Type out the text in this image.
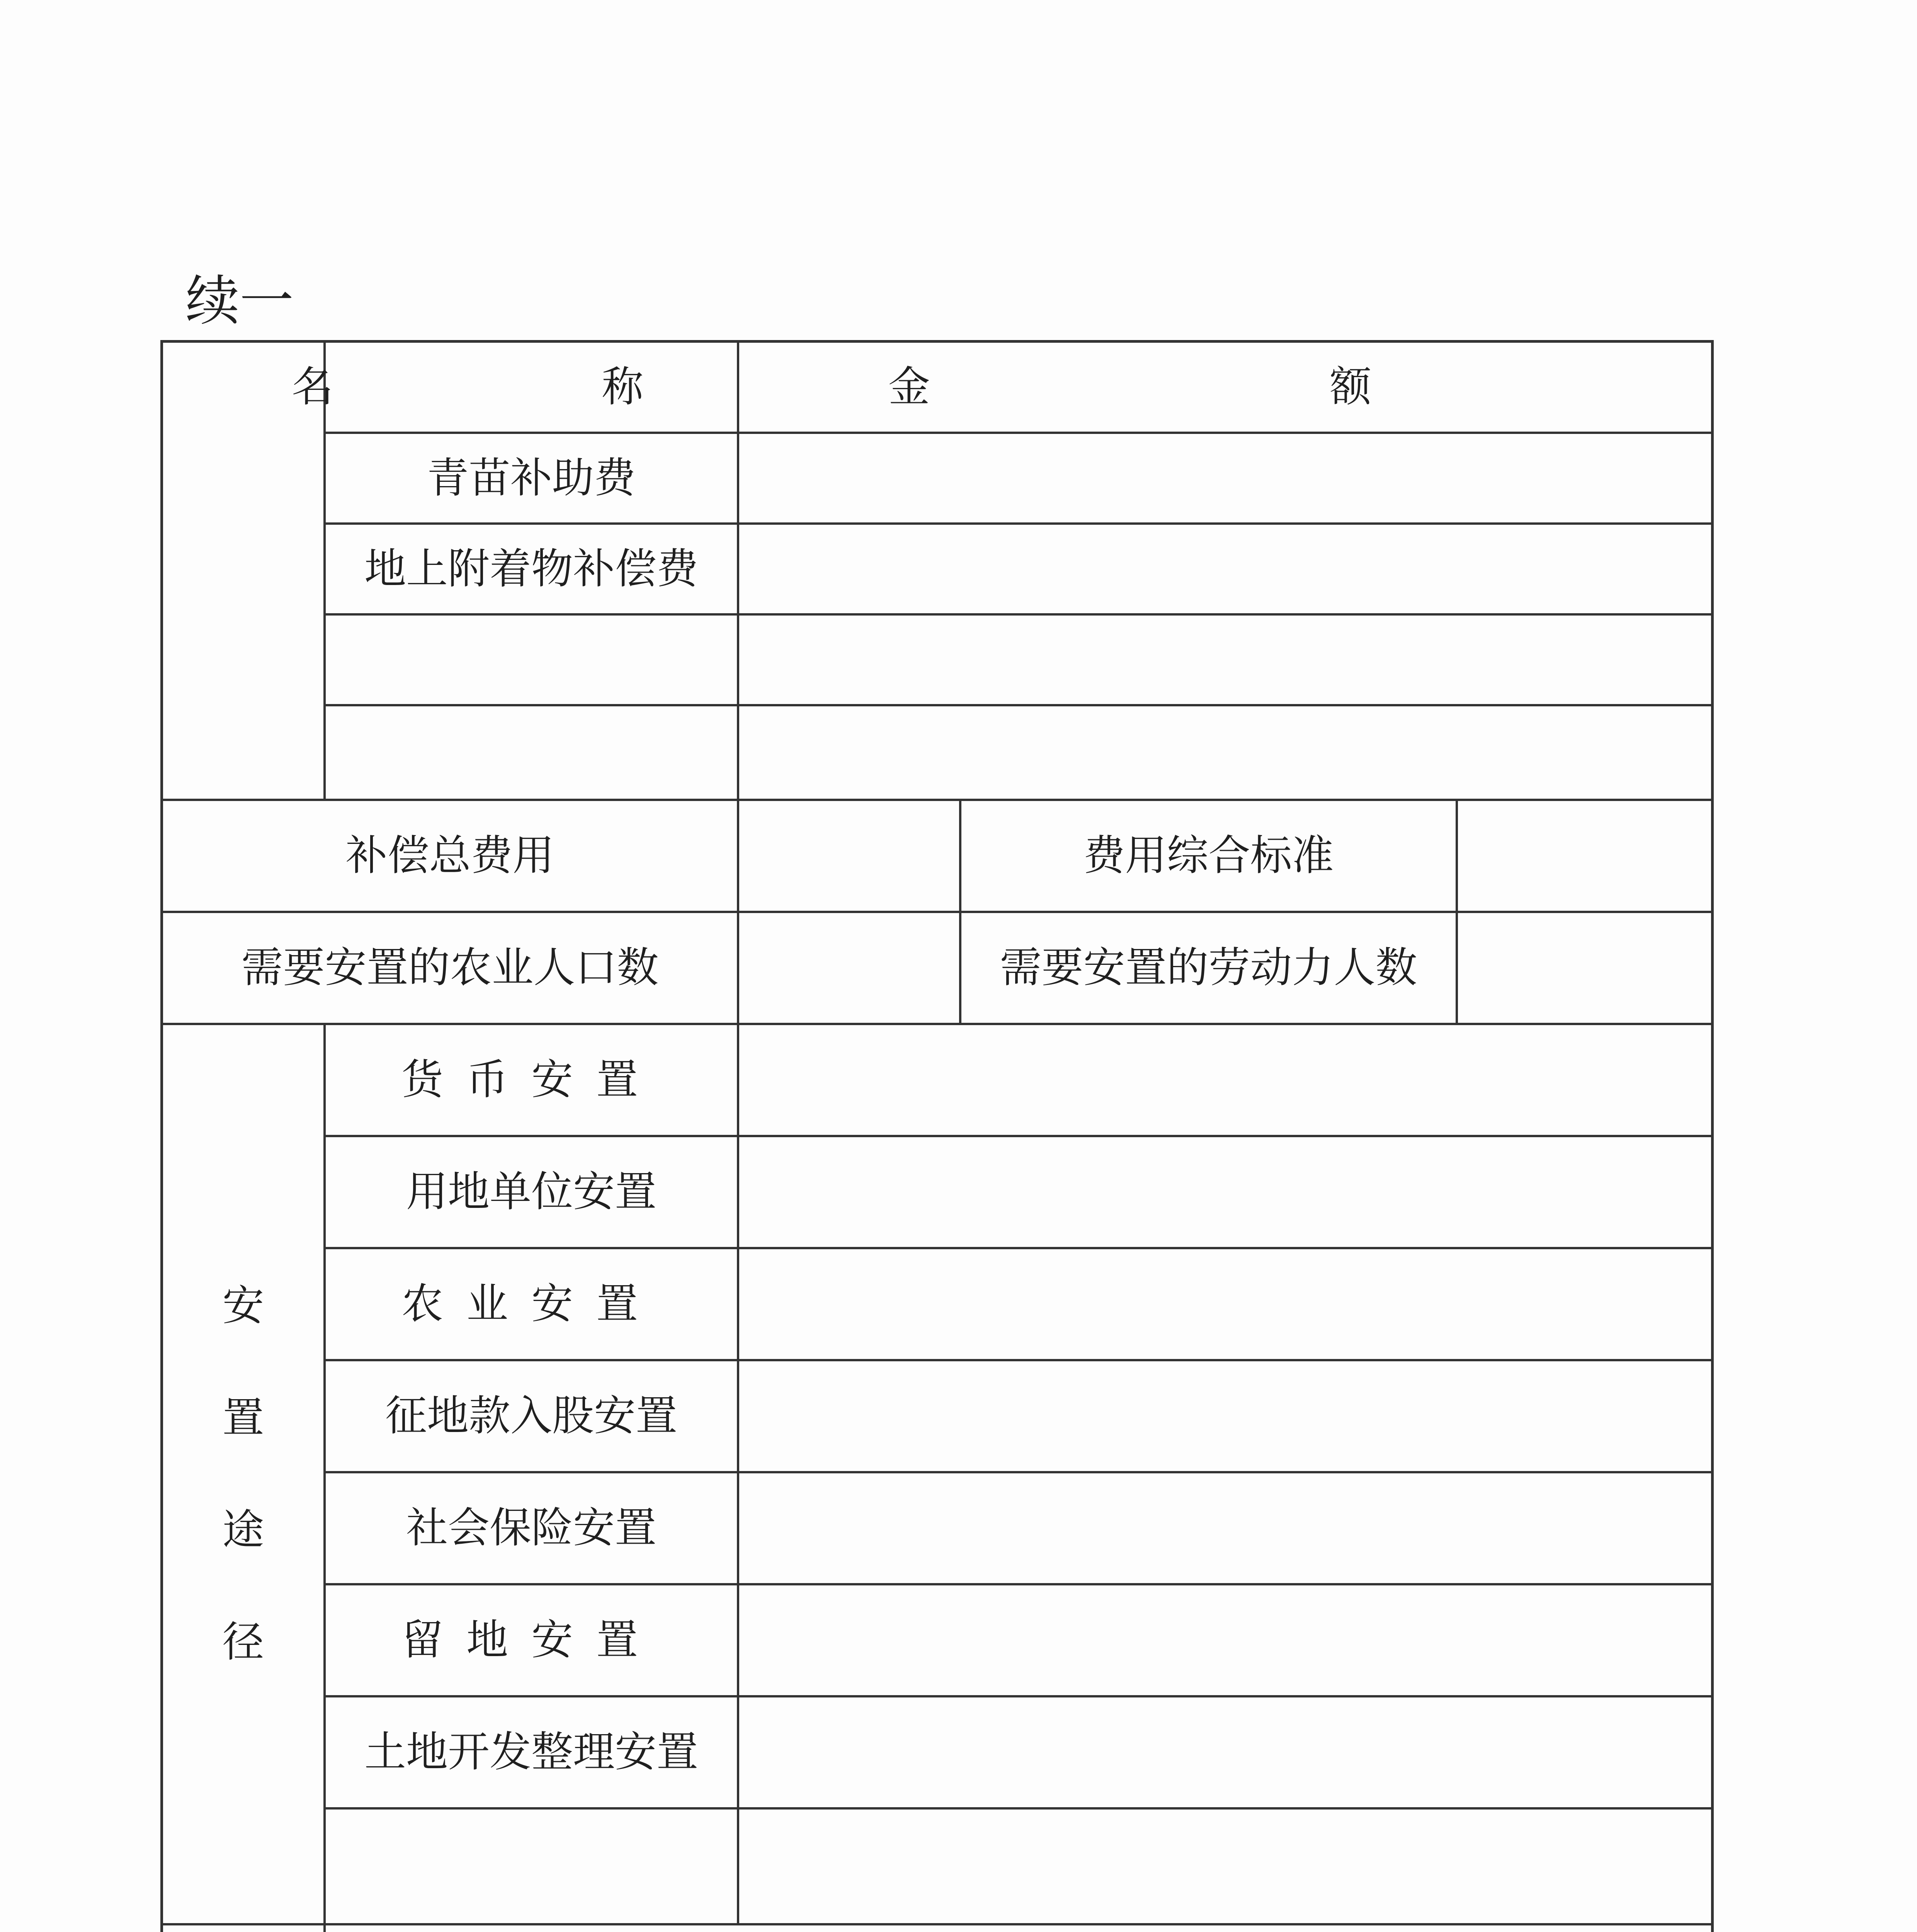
续一
名 称	金 额
青苗补助费
地上附着物补偿费
补偿总费用	费用综合标准
需要安置的农业人口数	需要安置的劳动力人数
安
置
途
径
货币安置
用地单位安置
农业安置
征地款入股安置
社会保险安置
留地安置
土地开发整理安置
